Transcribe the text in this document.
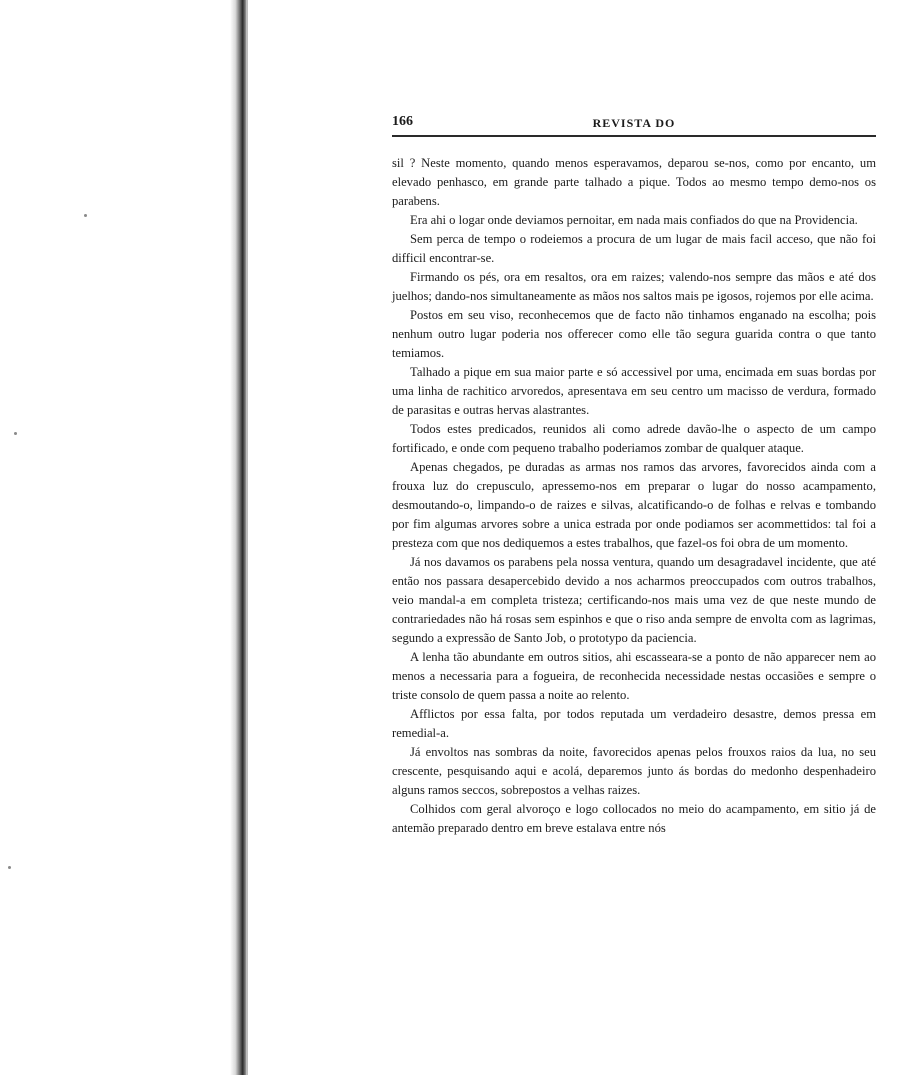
166	REVISTA DO

sil ? Neste momento, quando menos esperavamos, deparou se-nos, como por encanto, um elevado penhasco, em grande parte talhado a pique. Todos ao mesmo tempo demo-nos os parabens.

Era ahi o logar onde deviamos pernoitar, em nada mais confiados do que na Providencia.

Sem perca de tempo o rodeiemos a procura de um lugar de mais facil acceso, que não foi difficil encontrar-se.

Firmando os pés, ora em resaltos, ora em raizes; valendo-nos sempre das mãos e até dos juelhos; dando-nos simultaneamente as mãos nos saltos mais pe igosos, rojemos por elle acima.

Postos em seu viso, reconhecemos que de facto não tinhamos enganado na escolha; pois nenhum outro lugar poderia nos offerecer como elle tão segura guarida contra o que tanto temiamos.

Talhado a pique em sua maior parte e só accessivel por uma, encimada em suas bordas por uma linha de rachitico arvoredos, apresentava em seu centro um macisso de verdura, formado de parasitas e outras hervas alastrantes.

Todos estes predicados, reunidos ali como adrede davão-lhe o aspecto de um campo fortificado, e onde com pequeno trabalho poderiamos zombar de qualquer ataque.

Apenas chegados, pe duradas as armas nos ramos das arvores, favorecidos ainda com a frouxa luz do crepusculo, apressemo-nos em preparar o lugar do nosso acampamento, desmoutando-o, limpando-o de raizes e silvas, alcatificando-o de folhas e relvas e tombando por fim algumas arvores sobre a unica estrada por onde podiamos ser acommettidos: tal foi a presteza com que nos dediquemos a estes trabalhos, que fazel-os foi obra de um momento.

Já nos davamos os parabens pela nossa ventura, quando um desagradavel incidente, que até então nos passara desapercebido devido a nos acharmos preoccupados com outros trabalhos, veio mandal-a em completa tristeza; certificando-nos mais uma vez de que neste mundo de contrariedades não há rosas sem espinhos e que o riso anda sempre de envolta com as lagrimas, segundo a expressão de Santo Job, o prototypo da paciencia.

A lenha tão abundante em outros sitios, ahi escasseara-se a ponto de não apparecer nem ao menos a necessaria para a fogueira, de reconhecida necessidade nestas occasiões e sempre o triste consolo de quem passa a noite ao relento.

Afflictos por essa falta, por todos reputada um verdadeiro desastre, demos pressa em remedial-a.

Já envoltos nas sombras da noite, favorecidos apenas pelos frouxos raios da lua, no seu crescente, pesquisando aqui e acolá, deparemos junto ás bordas do medonho despenhadeiro alguns ramos seccos, sobrepostos a velhas raizes.

Colhidos com geral alvoroço e logo collocados no meio do acampamento, em sitio já de antemão preparado dentro em breve estalava entre nós
